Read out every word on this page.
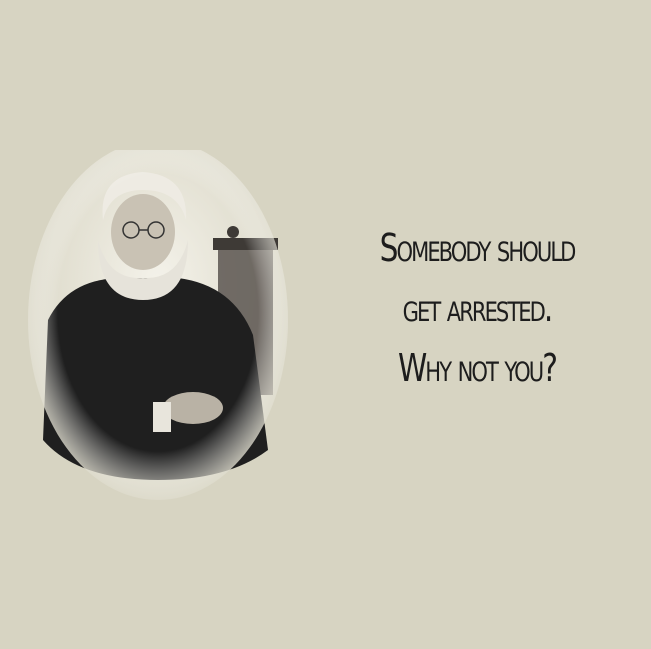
Somebody should
get arrested.
Why not you?
